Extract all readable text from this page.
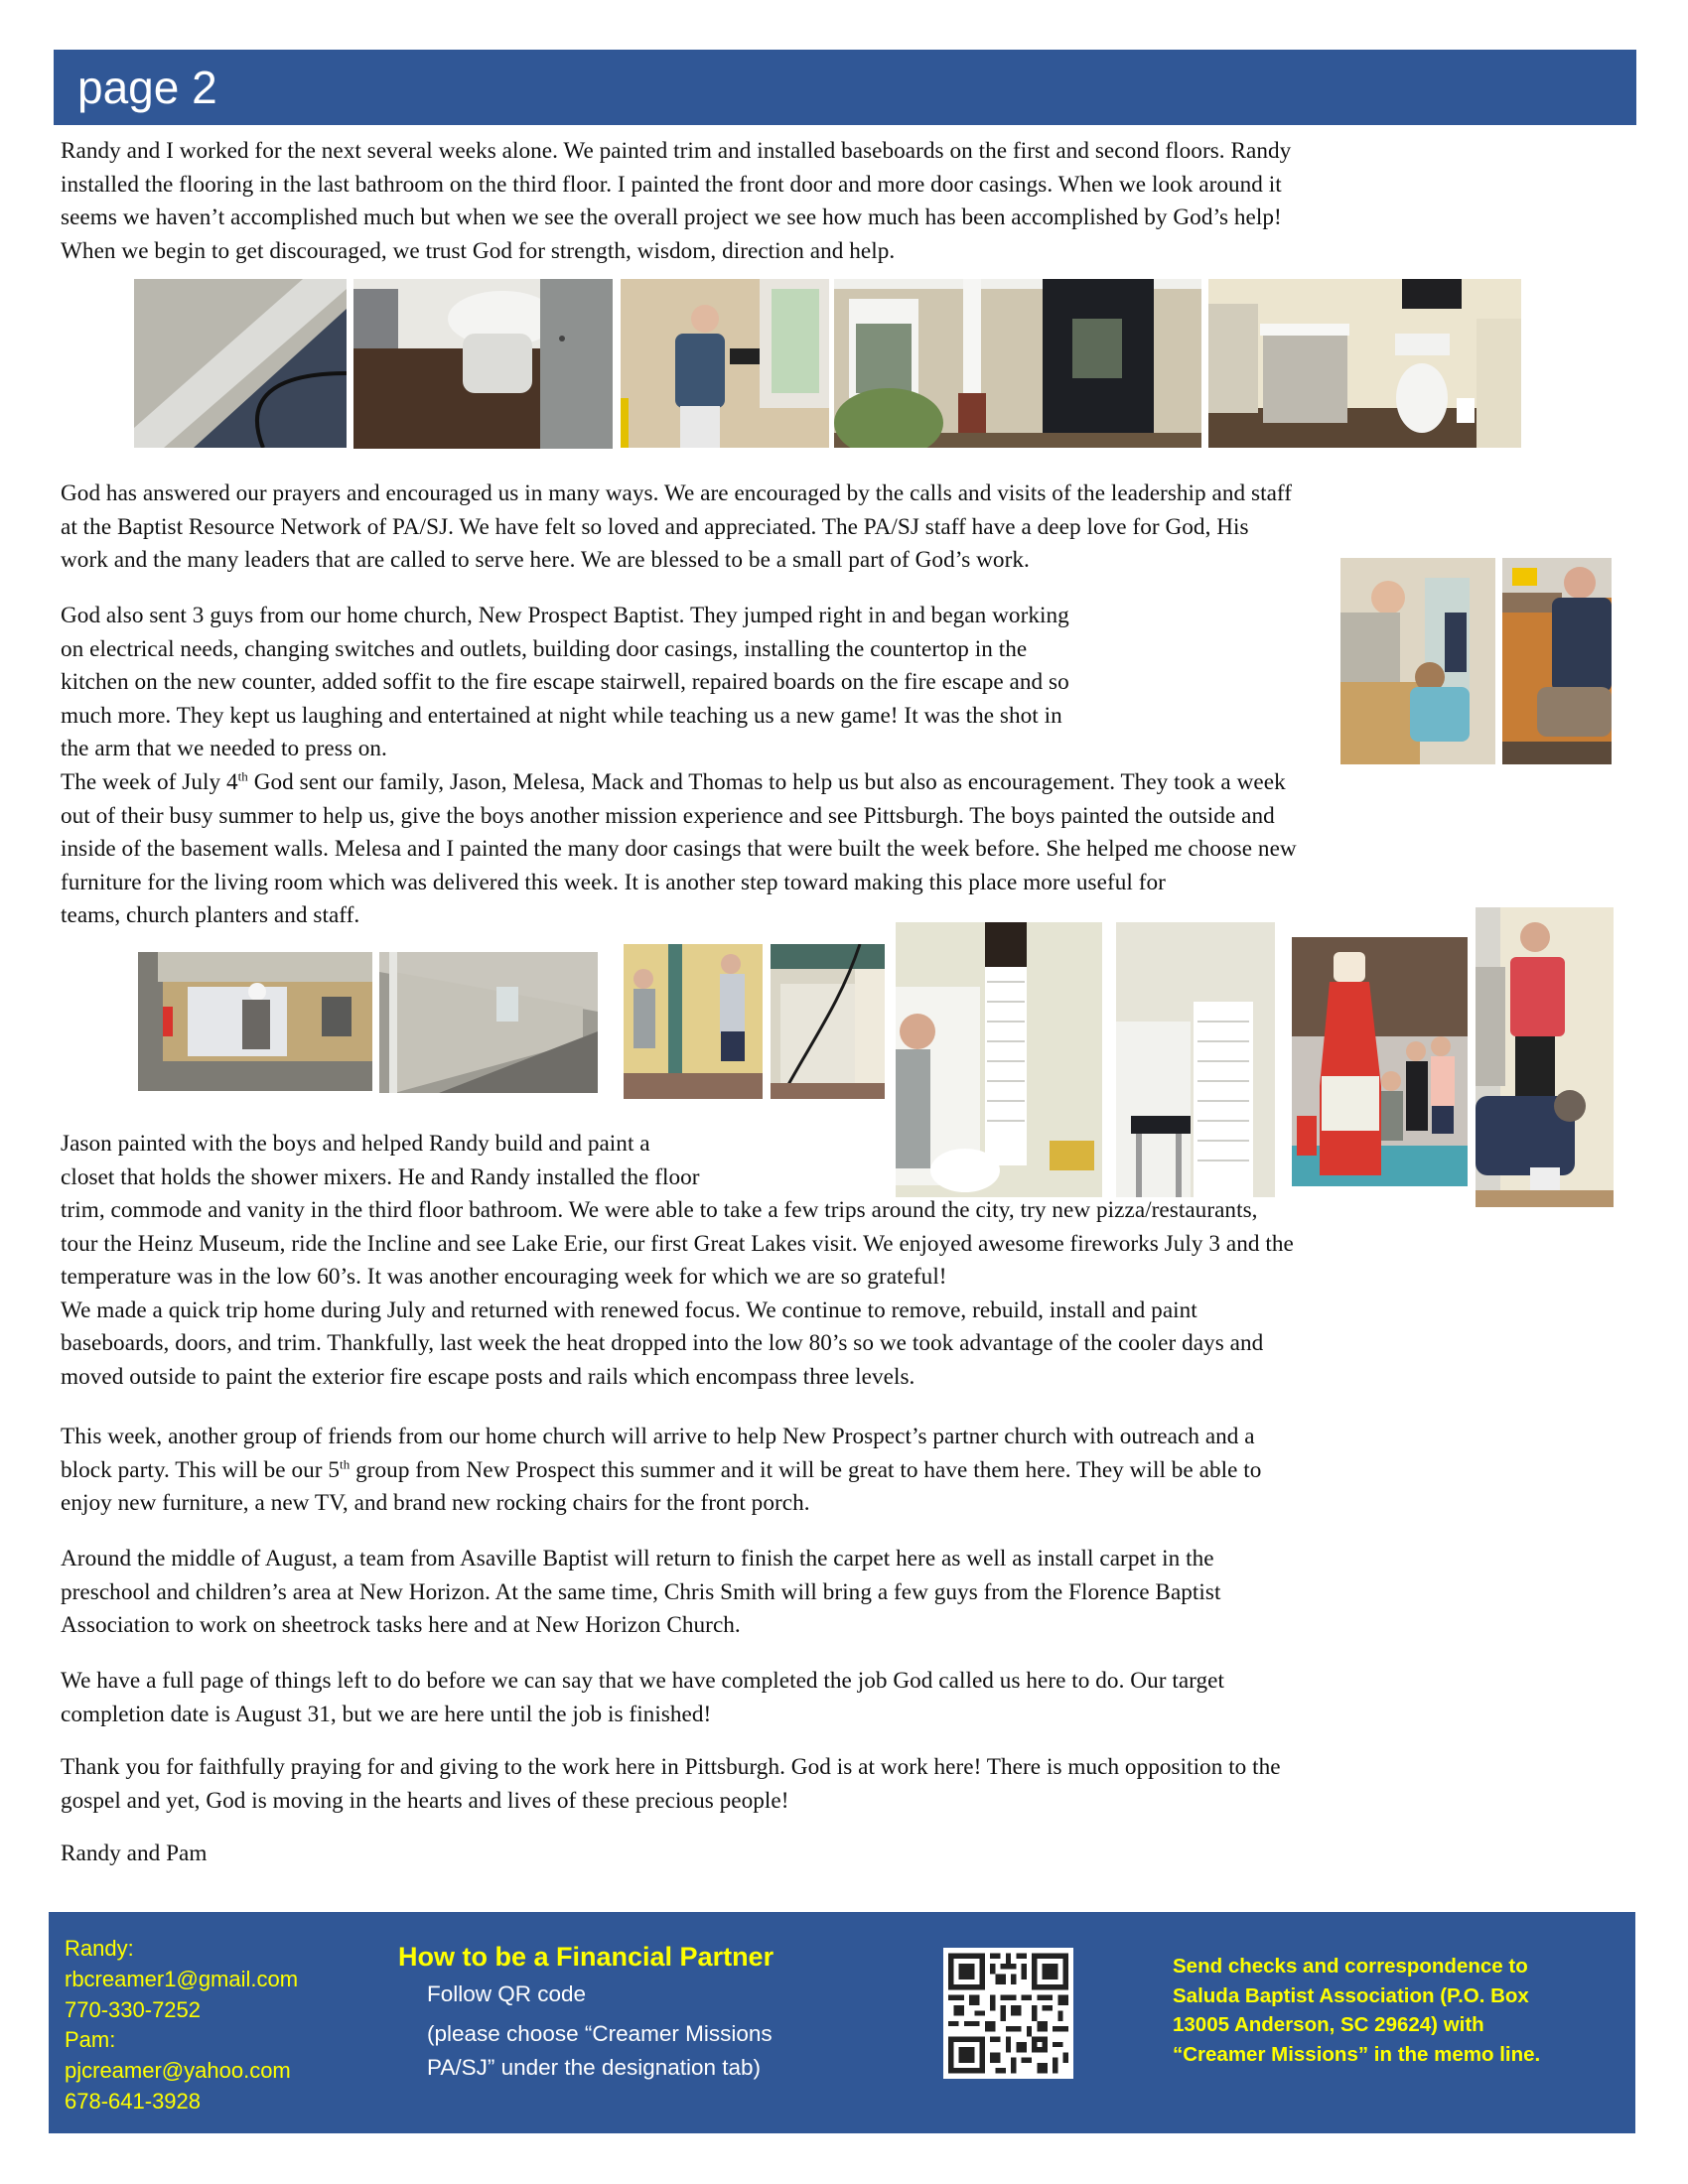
page 2
Randy and I worked for the next several weeks alone. We painted trim and installed baseboards on the first and second floors. Randy
installed the flooring in the last bathroom on the third floor. I painted the front door and more door casings. When we look around it
seems we haven’t accomplished much but when we see the overall project we see how much has been accomplished by God’s help!
When we begin to get discouraged, we trust God for strength, wisdom, direction and help.
God has answered our prayers and encouraged us in many ways. We are encouraged by the calls and visits of the leadership and staff
at the Baptist Resource Network of PA/SJ. We have felt so loved and appreciated. The PA/SJ staff have a deep love for God, His
work and the many leaders that are called to serve here. We are blessed to be a small part of God’s work.
God also sent 3 guys from our home church, New Prospect Baptist. They jumped right in and began working
on electrical needs, changing switches and outlets, building door casings, installing the countertop in the
kitchen on the new counter, added soffit to the fire escape stairwell, repaired boards on the fire escape and so
much more. They kept us laughing and entertained at night while teaching us a new game! It was the shot in
the arm that we needed to press on.
The week of July 4th God sent our family, Jason, Melesa, Mack and Thomas to help us but also as encouragement. They took a week
out of their busy summer to help us, give the boys another mission experience and see Pittsburgh. The boys painted the outside and
inside of the basement walls. Melesa and I painted the many door casings that were built the week before. She helped me choose new
furniture for the living room which was delivered this week. It is another step toward making this place more useful for
teams, church planters and staff.
Jason painted with the boys and helped Randy build and paint a
closet that holds the shower mixers. He and Randy installed the floor
trim, commode and vanity in the third floor bathroom. We were able to take a few trips around the city, try new pizza/restaurants,
tour the Heinz Museum, ride the Incline and see Lake Erie, our first Great Lakes visit. We enjoyed awesome fireworks July 3 and the
temperature was in the low 60’s. It was another encouraging week for which we are so grateful!
We made a quick trip home during July and returned with renewed focus. We continue to remove, rebuild, install and paint
baseboards, doors, and trim. Thankfully, last week the heat dropped into the low 80’s so we took advantage of the cooler days and
moved outside to paint the exterior fire escape posts and rails which encompass three levels.
This week, another group of friends from our home church will arrive to help New Prospect’s partner church with outreach and a
block party. This will be our 5th group from New Prospect this summer and it will be great to have them here. They will be able to
enjoy new furniture, a new TV, and brand new rocking chairs for the front porch.
Around the middle of August, a team from Asaville Baptist will return to finish the carpet here as well as install carpet in the
preschool and children’s area at New Horizon. At the same time, Chris Smith will bring a few guys from the Florence Baptist
Association to work on sheetrock tasks here and at New Horizon Church.
We have a full page of things left to do before we can say that we have completed the job God called us here to do. Our target
completion date is August 31, but we are here until the job is finished!
Thank you for faithfully praying for and giving to the work here in Pittsburgh. God is at work here! There is much opposition to the
gospel and yet, God is moving in the hearts and lives of these precious people!
Randy and Pam
Randy:
rbcreamer1@gmail.com
770-330-7252
Pam:
pjcreamer@yahoo.com
678-641-3928
How to be a Financial Partner
Follow QR code
(please choose “Creamer Missions
PA/SJ” under the designation tab)
Send checks and correspondence to
Saluda Baptist Association (P.O. Box
13005 Anderson, SC 29624) with
“Creamer Missions” in the memo line.
